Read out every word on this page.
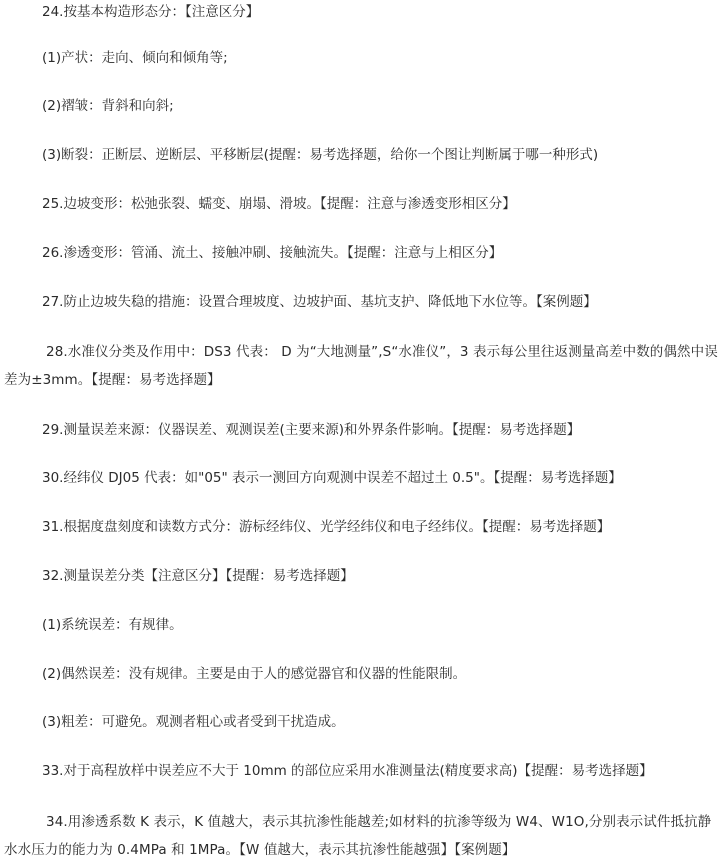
24.按基本构造形态分：【注意区分】
(1)产状：走向、倾向和倾角等;
(2)褶皱：背斜和向斜;
(3)断裂：正断层、逆断层、平移断层(提醒：易考选择题，给你一个图让判断属于哪一种形式)
25.边坡变形：松弛张裂、蠕变、崩塌、滑坡。【提醒：注意与渗透变形相区分】
26.渗透变形：管涌、流土、接触冲刷、接触流失。【提醒：注意与上相区分】
27.防止边坡失稳的措施：设置合理坡度、边坡护面、基坑支护、降低地下水位等。【案例题】
28.水准仪分类及作用中：DS3 代表： D 为“大地测量”,S“水准仪”，3 表示每公里往返测量高差中数的偶然中误差为±3mm。【提醒：易考选择题】
29.测量误差来源：仪器误差、观测误差(主要来源)和外界条件影响。【提醒：易考选择题】
30.经纬仪 DJ05 代表：如"05" 表示一测回方向观测中误差不超过土 0.5"。【提醒：易考选择题】
31.根据度盘刻度和读数方式分：游标经纬仪、光学经纬仪和电子经纬仪。【提醒：易考选择题】
32.测量误差分类【注意区分】【提醒：易考选择题】
(1)系统误差：有规律。
(2)偶然误差：没有规律。主要是由于人的感觉器官和仪器的性能限制。
(3)粗差：可避免。观测者粗心或者受到干扰造成。
33.对于高程放样中误差应不大于 10mm 的部位应采用水准测量法(精度要求高)【提醒：易考选择题】
34.用渗透系数 K 表示，K 值越大，表示其抗渗性能越差;如材料的抗渗等级为 W4、W1O,分别表示试件抵抗静水水压力的能力为 0.4MPa 和 1MPa。【W 值越大，表示其抗渗性能越强】【案例题】
